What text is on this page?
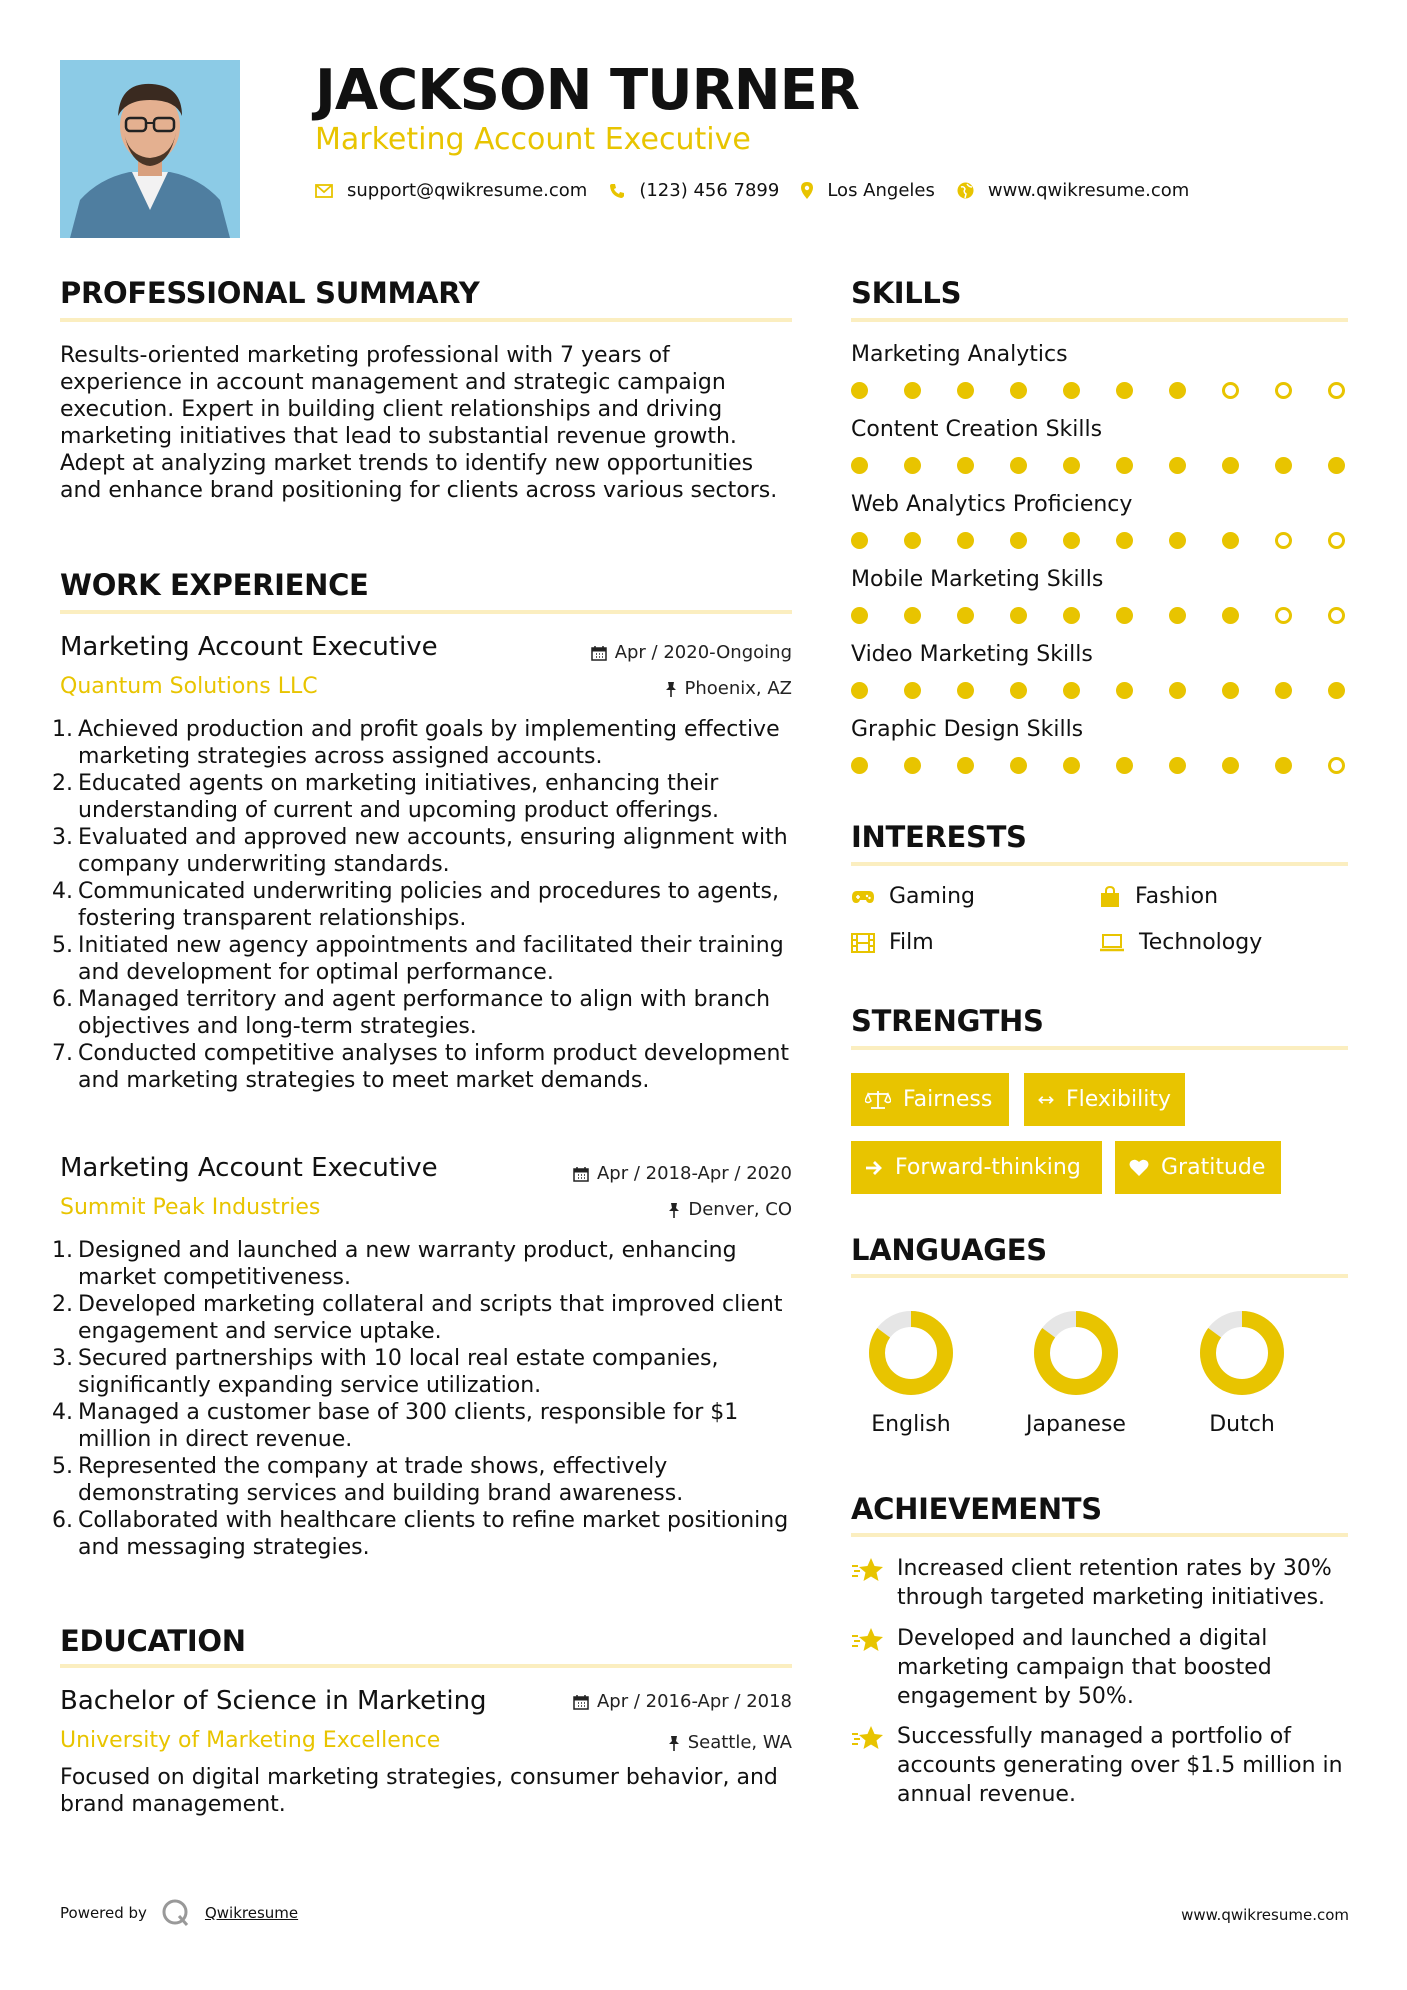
JACKSON TURNER
Marketing Account Executive
support@qwikresume.com	(123) 456 7899	Los Angeles	www.qwikresume.com
PROFESSIONAL SUMMARY
Results-oriented marketing professional with 7 years of experience in account management and strategic campaign execution. Expert in building client relationships and driving marketing initiatives that lead to substantial revenue growth. Adept at analyzing market trends to identify new opportunities and enhance brand positioning for clients across various sectors.
WORK EXPERIENCE
Marketing Account Executive	Apr / 2020-Ongoing
Quantum Solutions LLC	Phoenix, AZ
1. Achieved production and profit goals by implementing effective marketing strategies across assigned accounts.
2. Educated agents on marketing initiatives, enhancing their understanding of current and upcoming product offerings.
3. Evaluated and approved new accounts, ensuring alignment with company underwriting standards.
4. Communicated underwriting policies and procedures to agents, fostering transparent relationships.
5. Initiated new agency appointments and facilitated their training and development for optimal performance.
6. Managed territory and agent performance to align with branch objectives and long-term strategies.
7. Conducted competitive analyses to inform product development and marketing strategies to meet market demands.
Marketing Account Executive	Apr / 2018-Apr / 2020
Summit Peak Industries	Denver, CO
1. Designed and launched a new warranty product, enhancing market competitiveness.
2. Developed marketing collateral and scripts that improved client engagement and service uptake.
3. Secured partnerships with 10 local real estate companies, significantly expanding service utilization.
4. Managed a customer base of 300 clients, responsible for $1 million in direct revenue.
5. Represented the company at trade shows, effectively demonstrating services and building brand awareness.
6. Collaborated with healthcare clients to refine market positioning and messaging strategies.
EDUCATION
Bachelor of Science in Marketing	Apr / 2016-Apr / 2018
University of Marketing Excellence	Seattle, WA
Focused on digital marketing strategies, consumer behavior, and brand management.
SKILLS
Marketing Analytics
Content Creation Skills
Web Analytics Proficiency
Mobile Marketing Skills
Video Marketing Skills
Graphic Design Skills
INTERESTS
Gaming	Fashion
Film	Technology
STRENGTHS
Fairness	Flexibility
Forward-thinking	Gratitude
LANGUAGES
English	Japanese	Dutch
ACHIEVEMENTS
Increased client retention rates by 30% through targeted marketing initiatives.
Developed and launched a digital marketing campaign that boosted engagement by 50%.
Successfully managed a portfolio of accounts generating over $1.5 million in annual revenue.
Powered by	Qwikresume	www.qwikresume.com
